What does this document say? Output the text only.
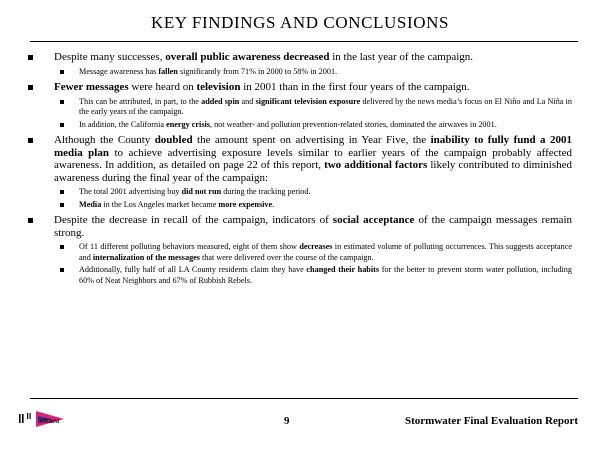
KEY FINDINGS AND CONCLUSIONS
Despite many successes, overall public awareness decreased in the last year of the campaign.
Message awareness has fallen significantly from 71% in 2000 to 58% in 2001.
Fewer messages were heard on television in 2001 than in the first four years of the campaign.
This can be attributed, in part, to the added spin and significant television exposure delivered by the news media’s focus on El Niño and La Niña in the early years of the campaign.
In addition, the California energy crisis, not weather- and pollution prevention-related stories, dominated the airwaves in 2001.
Although the County doubled the amount spent on advertising in Year Five, the inability to fully fund a 2001 media plan to achieve advertising exposure levels similar to earlier years of the campaign probably affected awareness. In addition, as detailed on page 22 of this report, two additional factors likely contributed to diminished awareness during the final year of the campaign:
The total 2001 advertising buy did not run during the tracking period.
Media in the Los Angeles market became more expensive.
Despite the decrease in recall of the campaign, indicators of social acceptance of the campaign messages remain strong.
Of 11 different polluting behaviors measured, eight of them show decreases in estimated volume of polluting occurrences. This suggests acceptance and internalization of the messages that were delivered over the course of the campaign.
Additionally, fully half of all LA County residents claim they have changed their habits for the better to prevent storm water pollution, including 60% of Neat Neighbors and 67% of Rubbish Rebels.
STORM	9	Stormwater Final Evaluation Report
